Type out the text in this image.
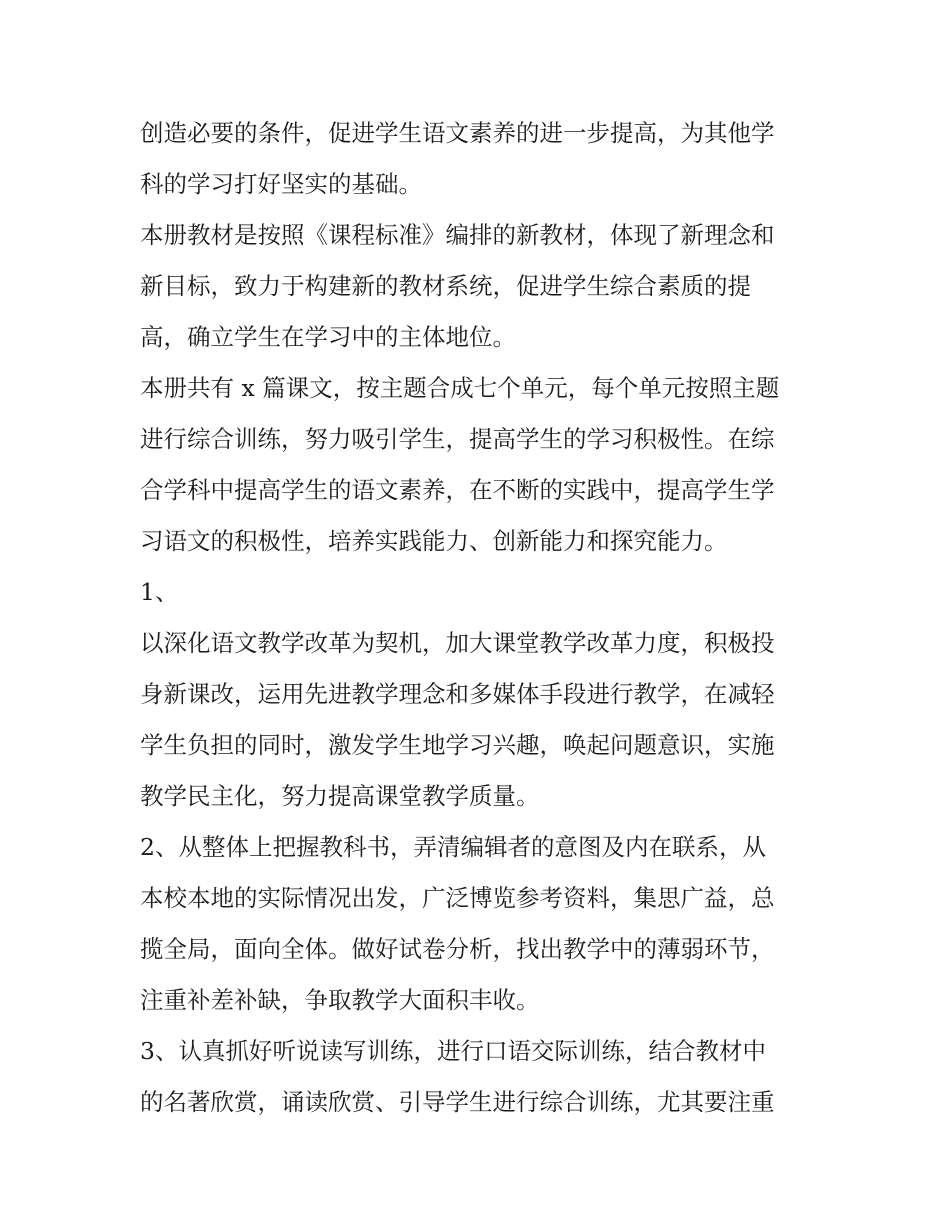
创造必要的条件，促进学生语文素养的进一步提高，为其他学
科的学习打好坚实的基础。
本册教材是按照《课程标准》编排的新教材，体现了新理念和
新目标，致力于构建新的教材系统，促进学生综合素质的提
高，确立学生在学习中的主体地位。
本册共有 x 篇课文，按主题合成七个单元，每个单元按照主题
进行综合训练，努力吸引学生，提高学生的学习积极性。在综
合学科中提高学生的语文素养，在不断的实践中，提高学生学
习语文的积极性，培养实践能力、创新能力和探究能力。
1、
以深化语文教学改革为契机，加大课堂教学改革力度，积极投
身新课改，运用先进教学理念和多媒体手段进行教学，在减轻
学生负担的同时，激发学生地学习兴趣，唤起问题意识，实施
教学民主化，努力提高课堂教学质量。
2、从整体上把握教科书，弄清编辑者的意图及内在联系，从
本校本地的实际情况出发，广泛博览参考资料，集思广益，总
揽全局，面向全体。做好试卷分析，找出教学中的薄弱环节，
注重补差补缺，争取教学大面积丰收。
3、认真抓好听说读写训练，进行口语交际训练，结合教材中
的名著欣赏，诵读欣赏、引导学生进行综合训练，尤其要注重
